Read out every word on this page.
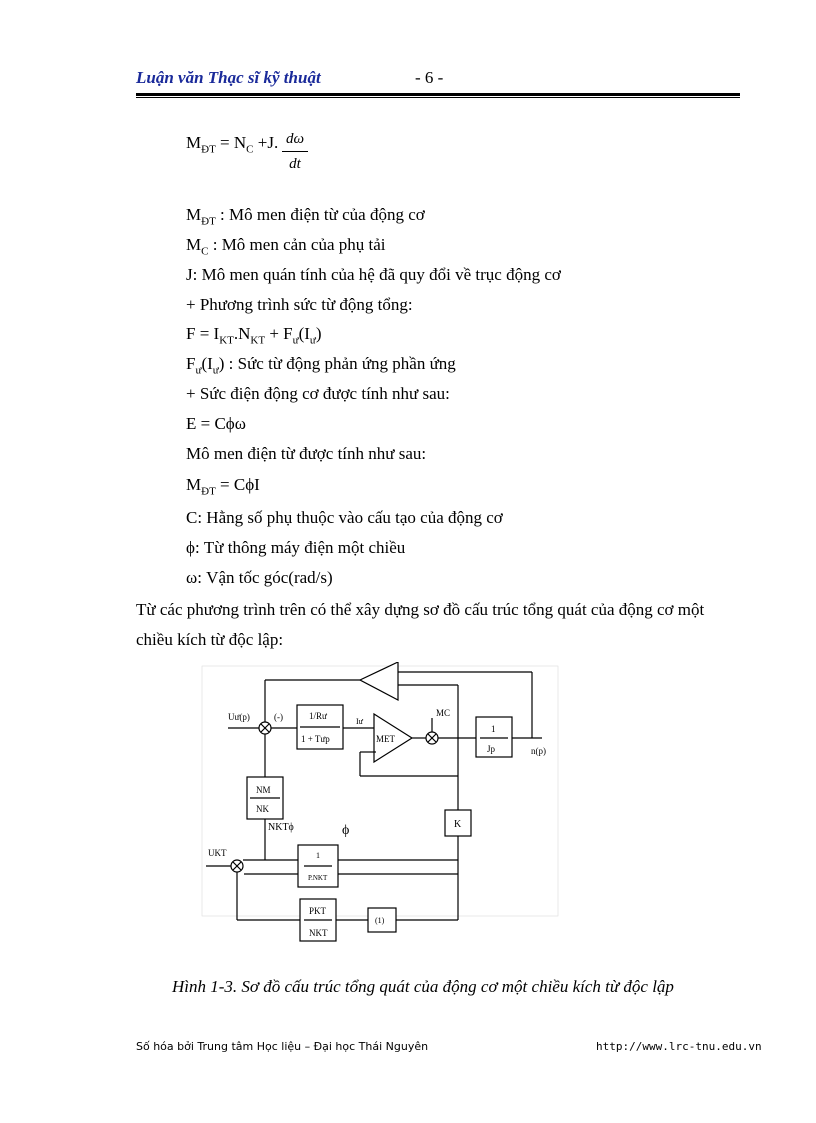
Luận văn Thạc sĩ kỹ thuật	- 6 -
$M_{ĐT} = N_C +J$. dω
dt
$M_{ĐT}$ : Mô men điện từ của động cơ
$M_C$ : Mô men cản của phụ tải
J: Mô men quán tính của hệ đã quy đổi về trục động cơ
+ Phương trình sức từ động tổng:
$F = I_{KT}.N_{KT} + F_ư(I_ư)$
$F_ư(I_ư)$ : Sức từ động phản ứng phần ứng
+ Sức điện động cơ được tính như sau:
E = Cϕω
Mô men điện từ được tính như sau:
$M_{ĐT} = C\phi I$
C: Hằng số phụ thuộc vào cấu tạo của động cơ
ϕ: Từ thông máy điện một chiều
ω: Vận tốc góc(rad/s)
Từ các phương trình trên có thể xây dựng sơ đồ cấu trúc tổng quát của động cơ một
chiều kích từ độc lập:
Uư(p)	(-)	1/Rư
1 + Tưp
Iư
MET
MC
1
Jp	n(p)
NM
NK
NKTϕ	ϕ	K
UKT	1
P.NKT
PKT
NKT
(1)
Hình 1-3. Sơ đồ cấu trúc tổng quát của động cơ một chiều kích từ độc lập
Số hóa bởi Trung tâm Học liệu – Đại học Thái Nguyên	http://www.lrc-tnu.edu.vn
